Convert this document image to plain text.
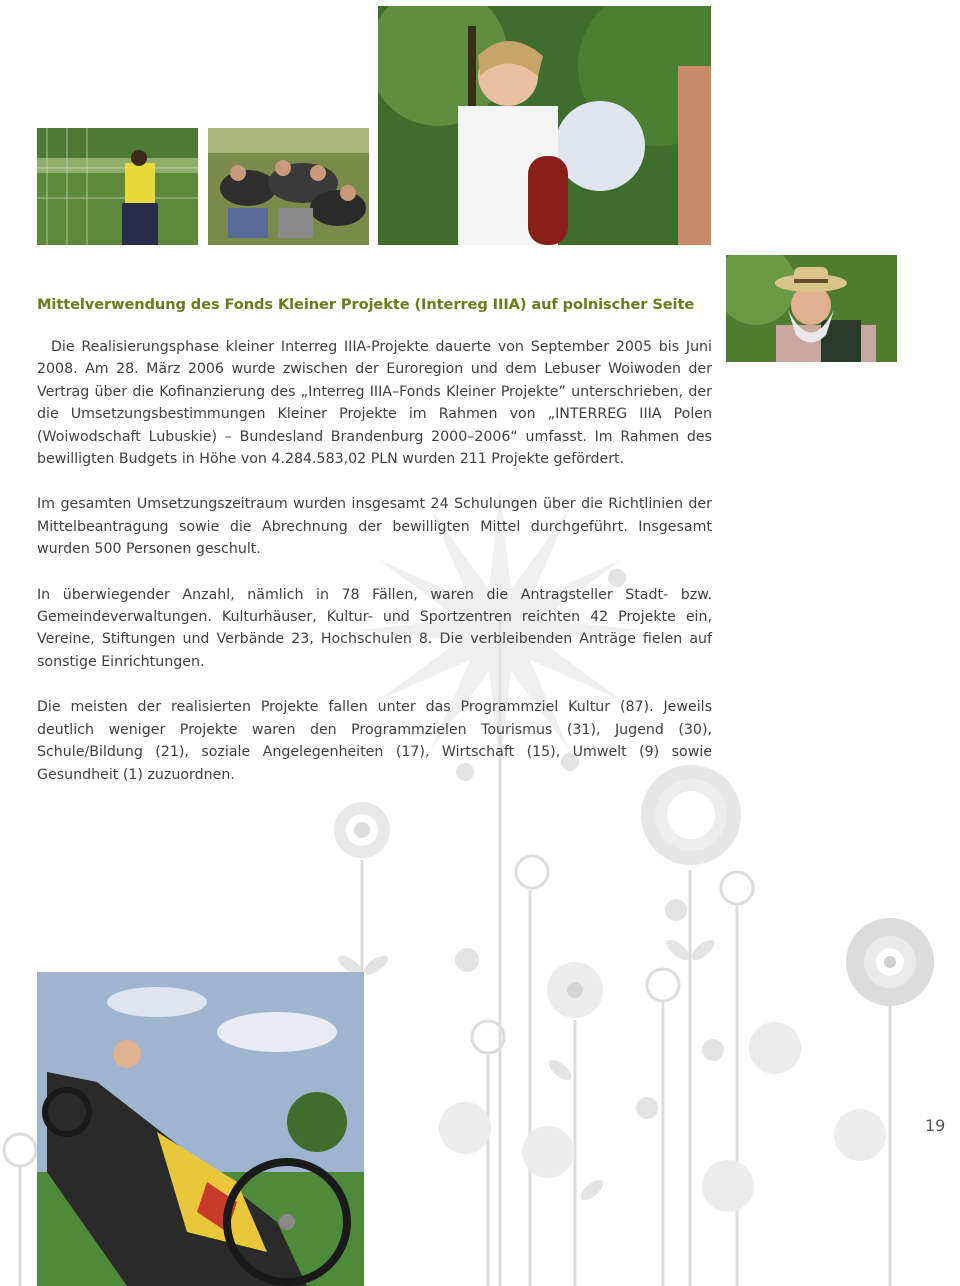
Mittelverwendung des Fonds Kleiner Projekte (Interreg IIIA) auf polnischer Seite

Die Realisierungsphase kleiner Interreg IIIA-Projekte dauerte von September 2005 bis Juni 2008. Am 28. März 2006 wurde zwischen der Euroregion und dem Lebuser Woiwoden der Vertrag über die Kofinanzierung des „Interreg IIIA–Fonds Kleiner Projekte” unterschrieben, der die Umsetzungsbestimmungen Kleiner Projekte im Rahmen von „INTERREG IIIA Polen (Woiwodschaft Lubuskie) – Bundesland Brandenburg 2000–2006“ umfasst. Im Rahmen des bewilligten Budgets in Höhe von 4.284.583,02 PLN wurden 211 Projekte gefördert.

Im gesamten Umsetzungszeitraum wurden insgesamt 24 Schulungen über die Richtlinien der Mittelbeantragung sowie die Abrechnung der bewilligten Mittel durchgeführt. Insgesamt wurden 500 Personen geschult.

In überwiegender Anzahl, nämlich in 78 Fällen, waren die Antragsteller Stadt- bzw. Gemeindeverwaltungen. Kulturhäuser, Kultur- und Sportzentren reichten 42 Projekte ein, Vereine, Stiftungen und Verbände 23, Hochschulen 8. Die verbleibenden Anträge fielen auf sonstige Einrichtungen.

Die meisten der realisierten Projekte fallen unter das Programmziel Kultur (87). Jeweils deutlich weniger Projekte waren den Programmzielen Tourismus (31), Jugend (30), Schule/Bildung (21), soziale Angelegenheiten (17), Wirtschaft (15), Umwelt (9) sowie Gesundheit (1) zuzuordnen.

19
